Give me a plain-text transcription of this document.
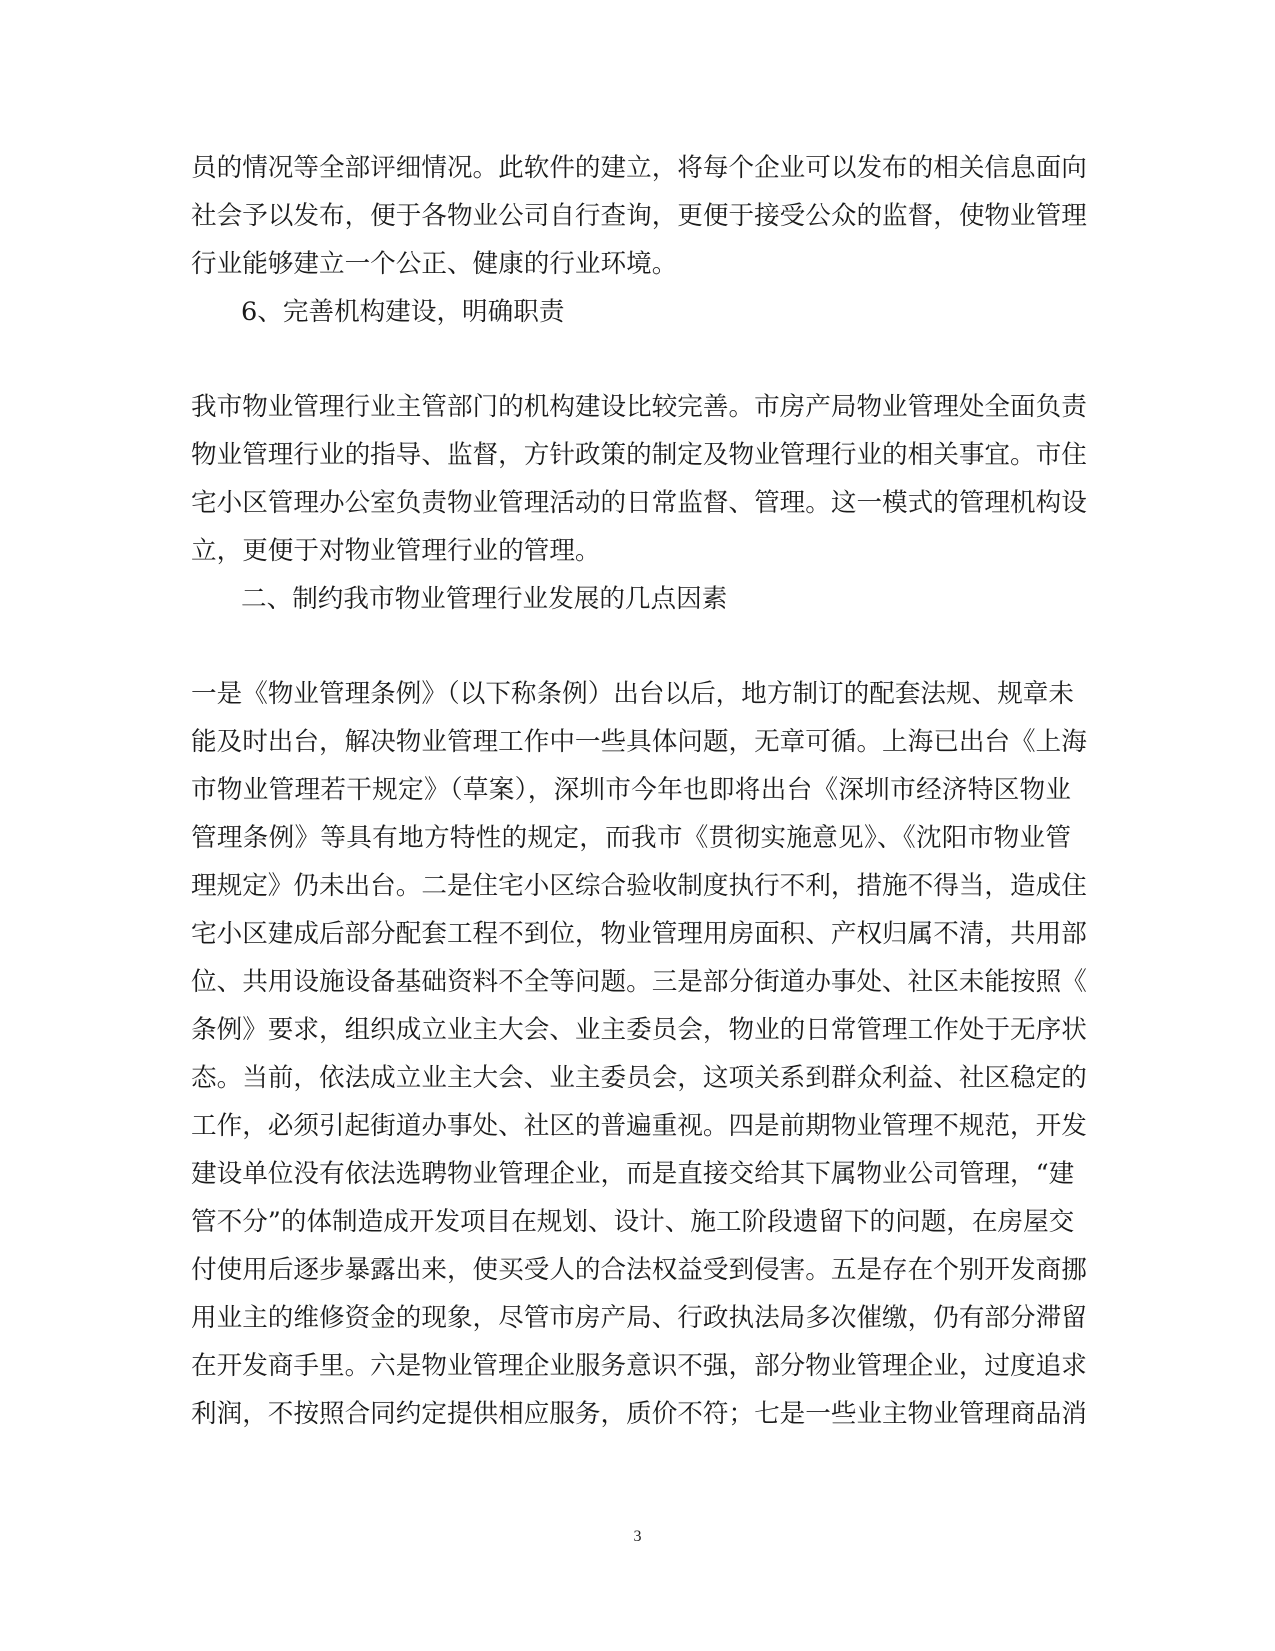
员的情况等全部评细情况。此软件的建立，将每个企业可以发布的相关信息面向
社会予以发布，便于各物业公司自行查询，更便于接受公众的监督，使物业管理
行业能够建立一个公正、健康的行业环境。
6、完善机构建设，明确职责
我市物业管理行业主管部门的机构建设比较完善。市房产局物业管理处全面负责
物业管理行业的指导、监督，方针政策的制定及物业管理行业的相关事宜。市住
宅小区管理办公室负责物业管理活动的日常监督、管理。这一模式的管理机构设
立，更便于对物业管理行业的管理。
二、制约我市物业管理行业发展的几点因素
一是《物业管理条例》（以下称条例）出台以后，地方制订的配套法规、规章未
能及时出台，解决物业管理工作中一些具体问题，无章可循。上海已出台《上海
市物业管理若干规定》（草案），深圳市今年也即将出台《深圳市经济特区物业
管理条例》等具有地方特性的规定，而我市《贯彻实施意见》、《沈阳市物业管
理规定》仍未出台。二是住宅小区综合验收制度执行不利，措施不得当，造成住
宅小区建成后部分配套工程不到位，物业管理用房面积、产权归属不清，共用部
位、共用设施设备基础资料不全等问题。三是部分街道办事处、社区未能按照《
条例》要求，组织成立业主大会、业主委员会，物业的日常管理工作处于无序状
态。当前，依法成立业主大会、业主委员会，这项关系到群众利益、社区稳定的
工作，必须引起街道办事处、社区的普遍重视。四是前期物业管理不规范，开发
建设单位没有依法选聘物业管理企业，而是直接交给其下属物业公司管理，“建
管不分”的体制造成开发项目在规划、设计、施工阶段遗留下的问题，在房屋交
付使用后逐步暴露出来，使买受人的合法权益受到侵害。五是存在个别开发商挪
用业主的维修资金的现象，尽管市房产局、行政执法局多次催缴，仍有部分滞留
在开发商手里。六是物业管理企业服务意识不强，部分物业管理企业，过度追求
利润，不按照合同约定提供相应服务，质价不符；七是一些业主物业管理商品消
3
